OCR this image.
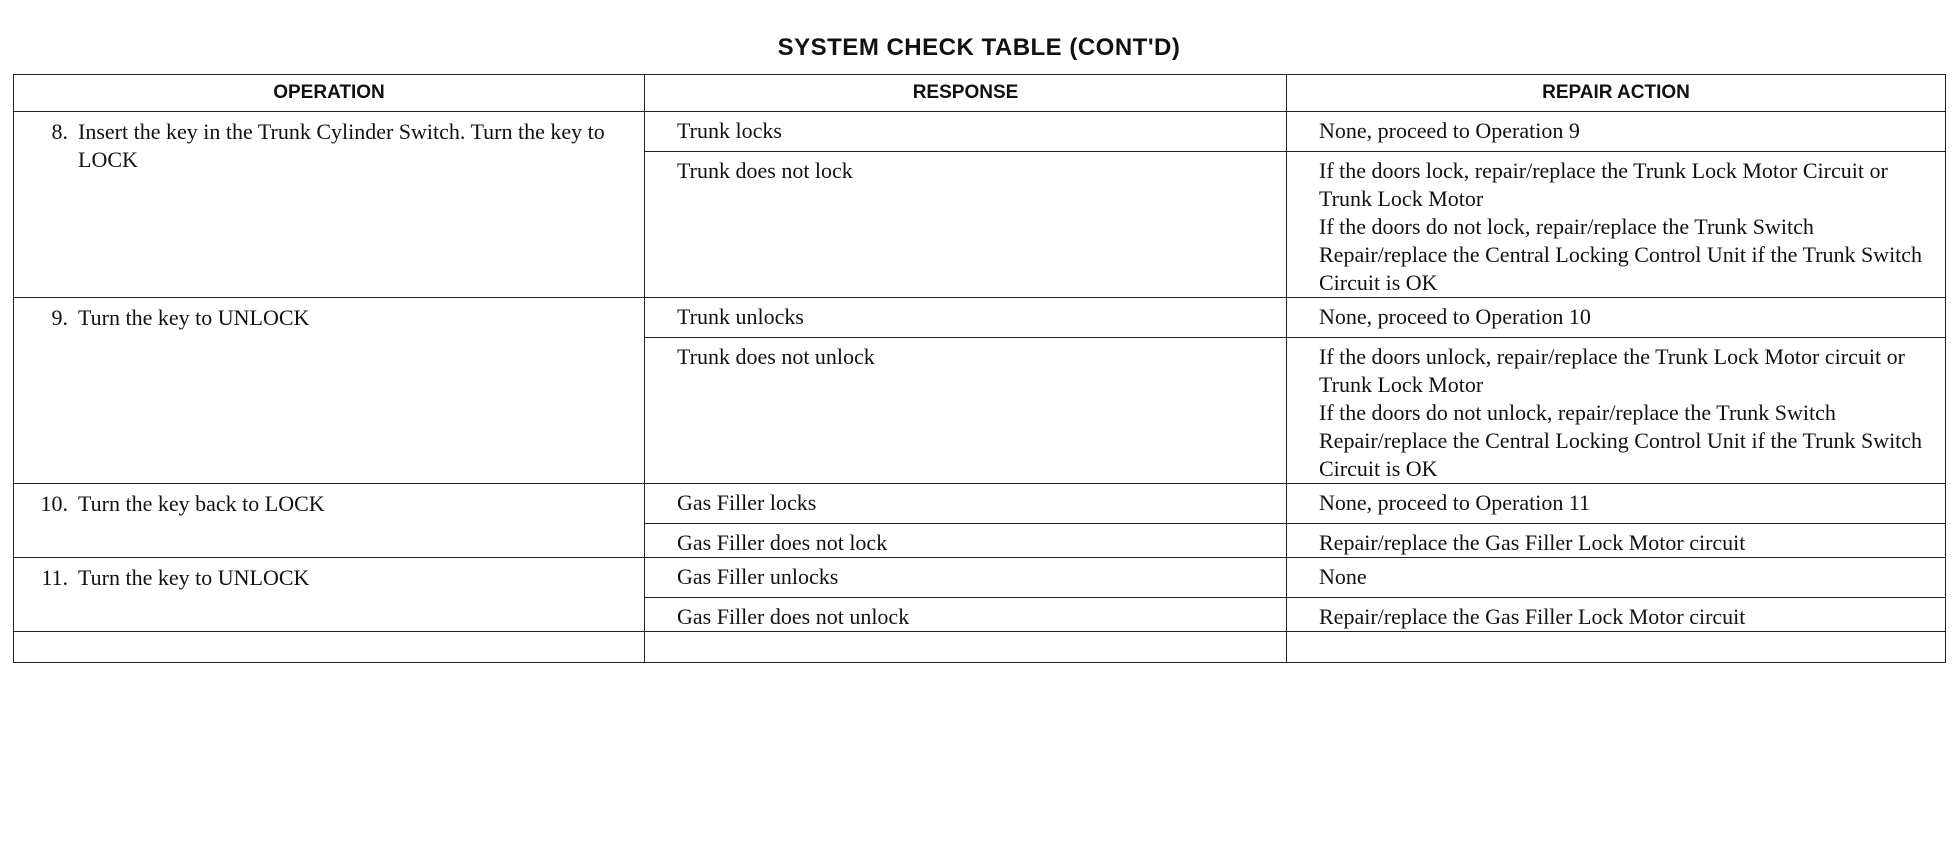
SYSTEM CHECK TABLE (CONT'D)
OPERATION	RESPONSE	REPAIR ACTION

8. Insert the key in the Trunk Cylinder Switch. Turn the key to LOCK	Trunk locks	None, proceed to Operation 9

	Trunk does not lock	If the doors lock, repair/replace the Trunk Lock Motor Circuit or Trunk Lock Motor
If the doors do not lock, repair/replace the Trunk Switch
Repair/replace the Central Locking Control Unit if the Trunk Switch Circuit is OK

9. Turn the key to UNLOCK	Trunk unlocks	None, proceed to Operation 10

	Trunk does not unlock	If the doors unlock, repair/replace the Trunk Lock Motor circuit or Trunk Lock Motor
If the doors do not unlock, repair/replace the Trunk Switch
Repair/replace the Central Locking Control Unit if the Trunk Switch Circuit is OK

10. Turn the key back to LOCK	Gas Filler locks	None, proceed to Operation 11

	Gas Filler does not lock	Repair/replace the Gas Filler Lock Motor circuit

11. Turn the key to UNLOCK	Gas Filler unlocks	None

	Gas Filler does not unlock	Repair/replace the Gas Filler Lock Motor circuit
